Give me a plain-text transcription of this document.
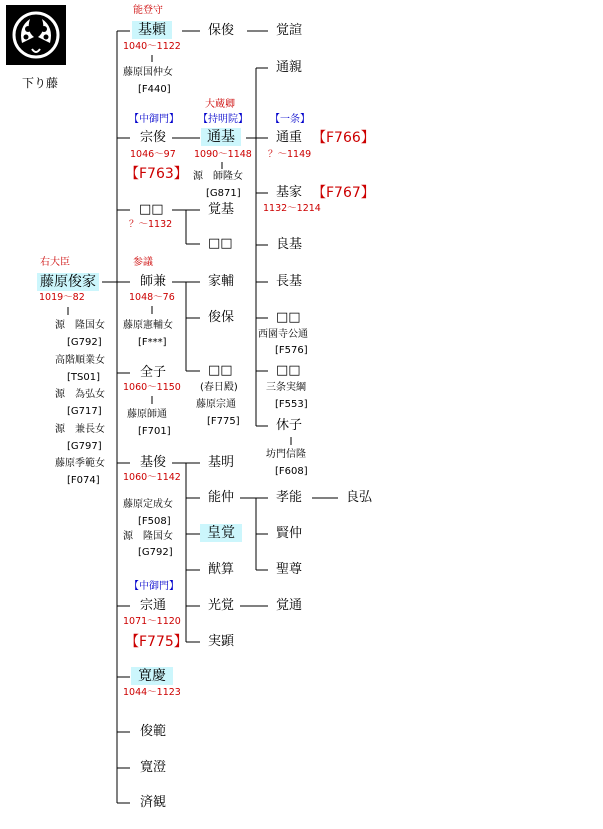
下り藤
右大臣
藤原俊家
1019～82
源　隆国女
[G792]
高階順業女
[TS01]
源　為弘女
[G717]
源　兼長女
[G797]
藤原季範女
[F074]
能登守
基頼
1040～1122
藤原国仲女
[F440]
保俊	覚諠
【中御門】
宗俊
1046～97
【F763】
大蔵卿
【持明院】
通基
1090～1148
源　師隆女
[G871]
通親
【一条】
通重 【F766】
？～1149
基家 【F767】
1132～1214
良基
長基
□□
西園寺公通
[F576]
□□
三条実綱
[F553]
休子
坊門信隆
[F608]
□□
？～1132
覚基
□□
参議
師兼
1048～76
藤原憲輔女
[F***]
家輔
俊保
□□
(春日殿)
藤原宗通
[F775]
全子
1060～1150
藤原師通
[F701]
基俊
1060～1142
藤原定成女
[F508]
源　隆国女
[G792]
基明
能仲	孝能	良弘
賢仲
聖尊
皇覚
猷算
【中御門】
宗通
1071～1120
【F775】
光覚	覚通
実顕
寛慶
1044～1123
俊範
寛澄
済観
